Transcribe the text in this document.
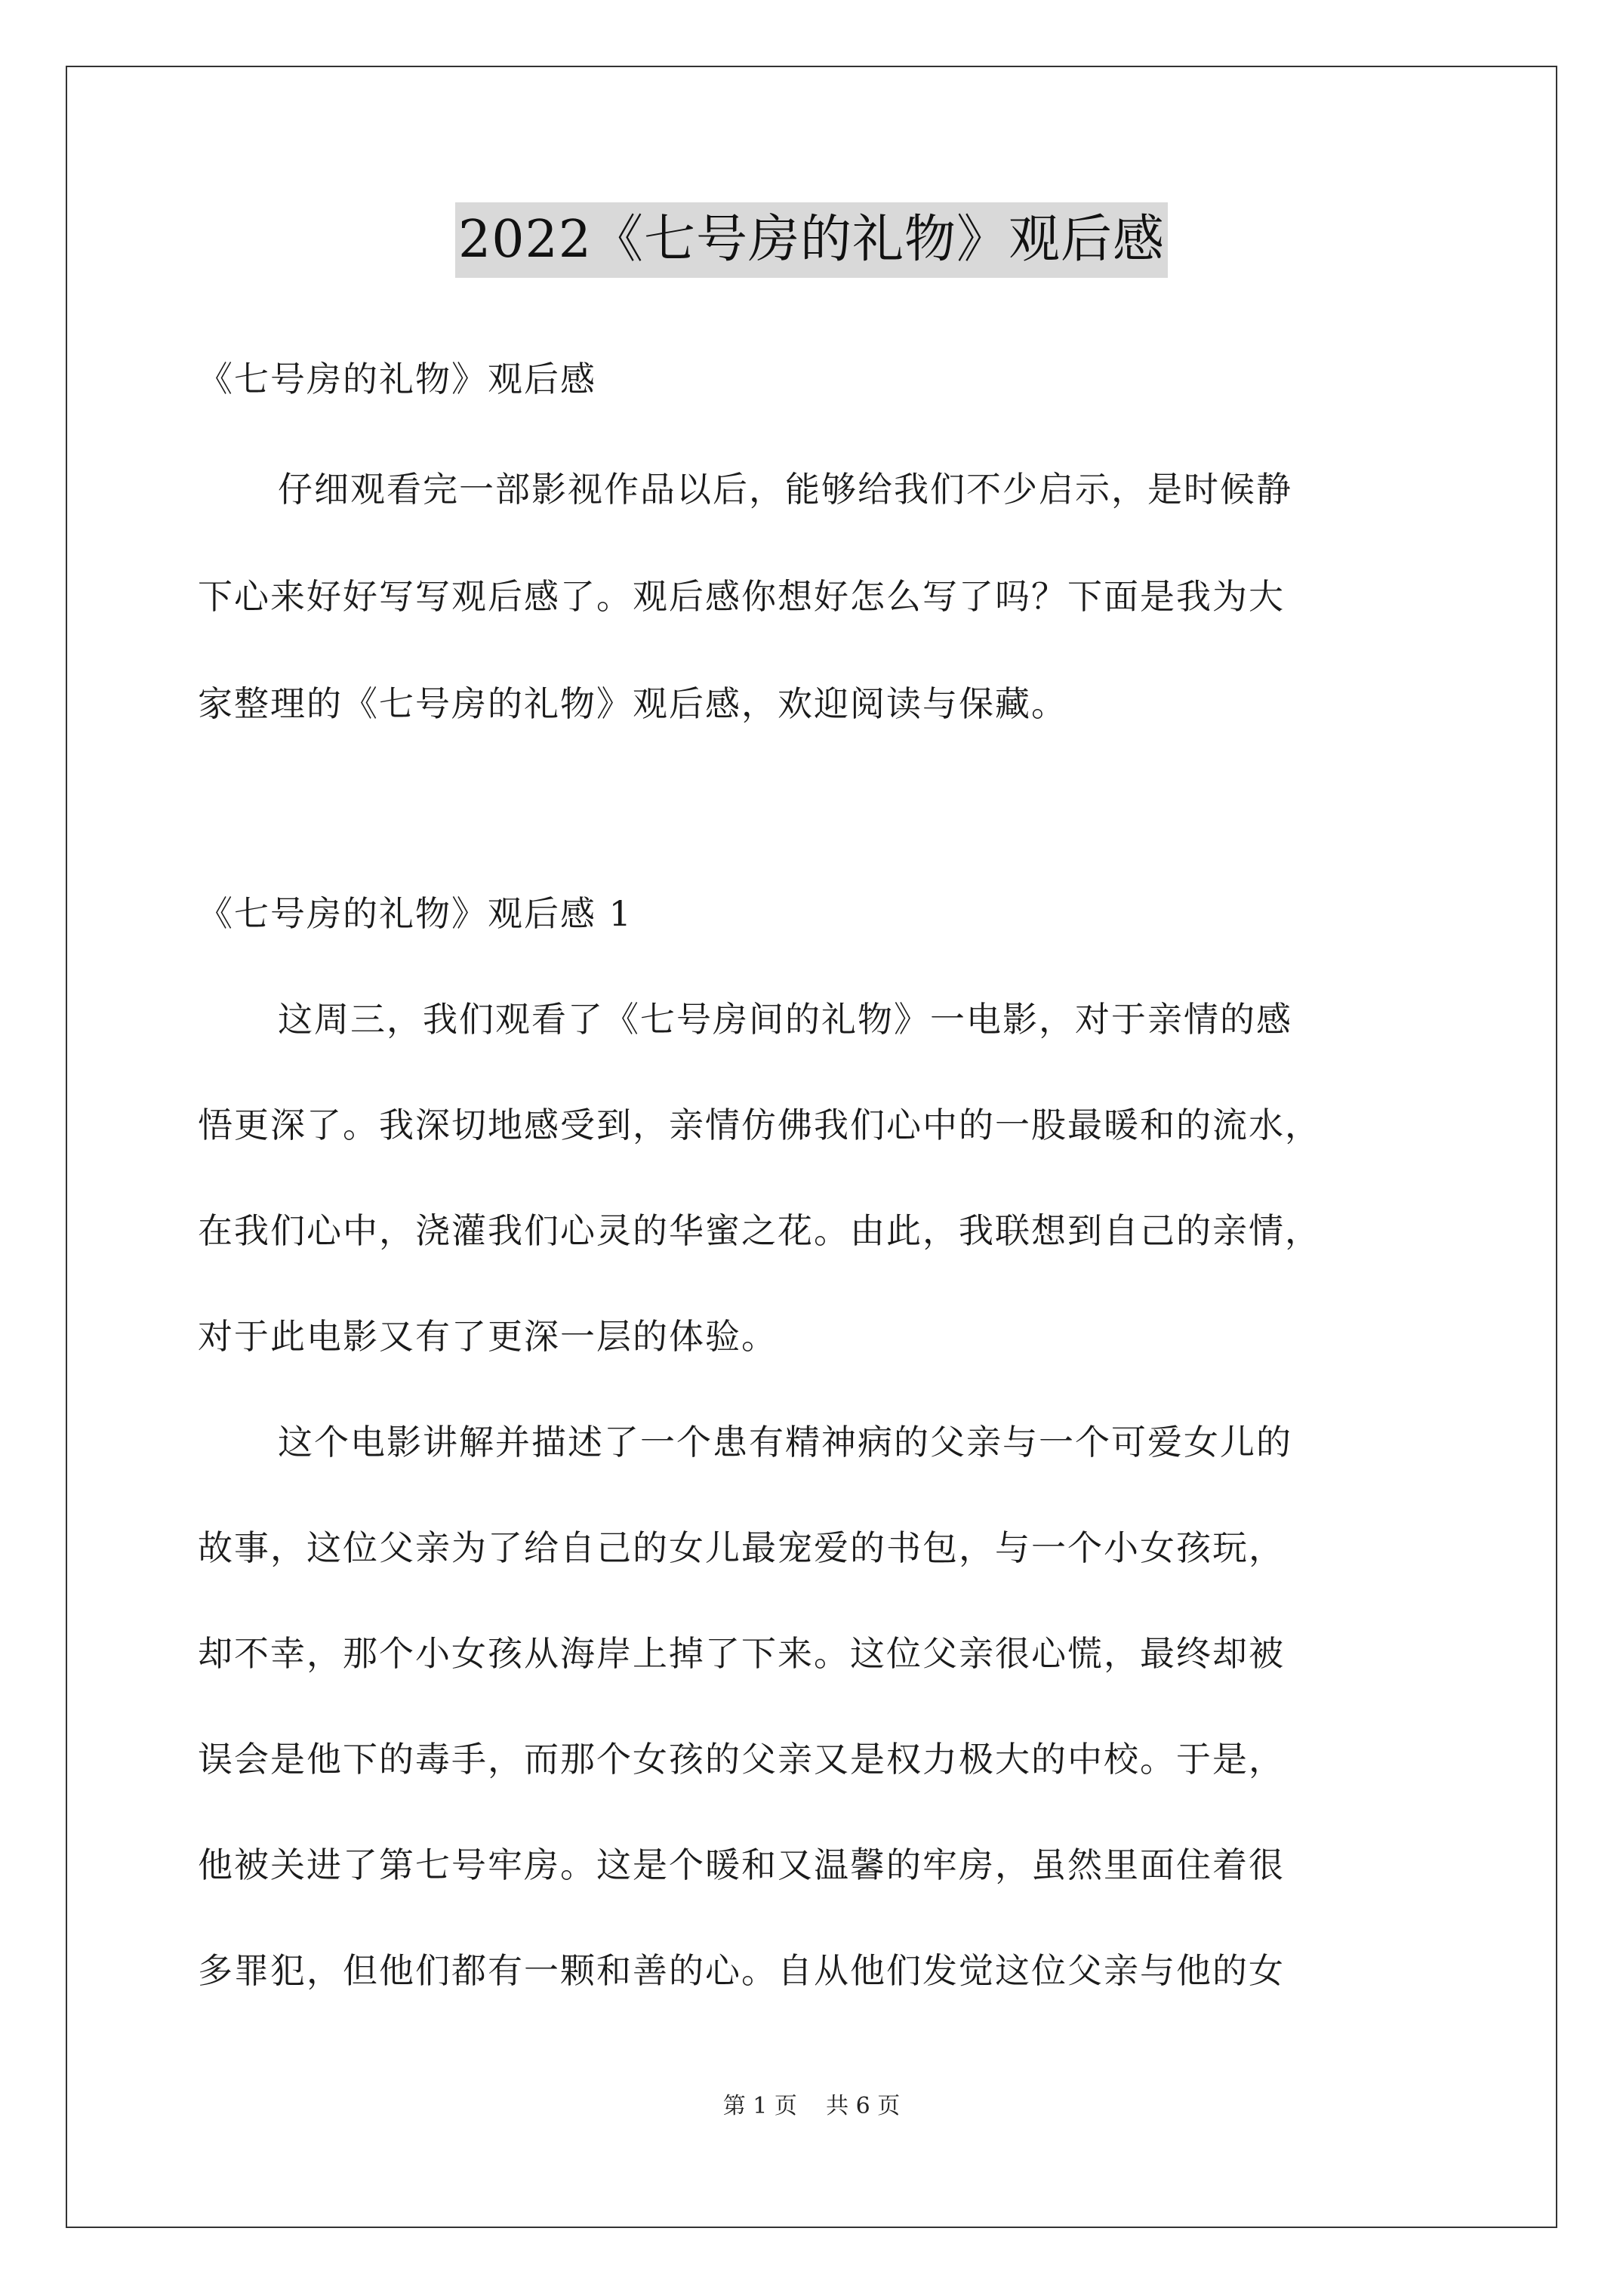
2022《七号房的礼物》观后感
《七号房的礼物》观后感
仔细观看完一部影视作品以后，能够给我们不少启示，是时候静
下心来好好写写观后感了。观后感你想好怎么写了吗？下面是我为大
家整理的《七号房的礼物》观后感，欢迎阅读与保藏。
《七号房的礼物》观后感 1
这周三，我们观看了《七号房间的礼物》一电影，对于亲情的感
悟更深了。我深切地感受到，亲情仿佛我们心中的一股最暖和的流水，
在我们心中，浇灌我们心灵的华蜜之花。由此，我联想到自己的亲情，
对于此电影又有了更深一层的体验。
这个电影讲解并描述了一个患有精神病的父亲与一个可爱女儿的
故事，这位父亲为了给自己的女儿最宠爱的书包，与一个小女孩玩，
却不幸，那个小女孩从海岸上掉了下来。这位父亲很心慌，最终却被
误会是他下的毒手，而那个女孩的父亲又是权力极大的中校。于是，
他被关进了第七号牢房。这是个暖和又温馨的牢房，虽然里面住着很
多罪犯，但他们都有一颗和善的心。自从他们发觉这位父亲与他的女
第 1 页    共 6 页
